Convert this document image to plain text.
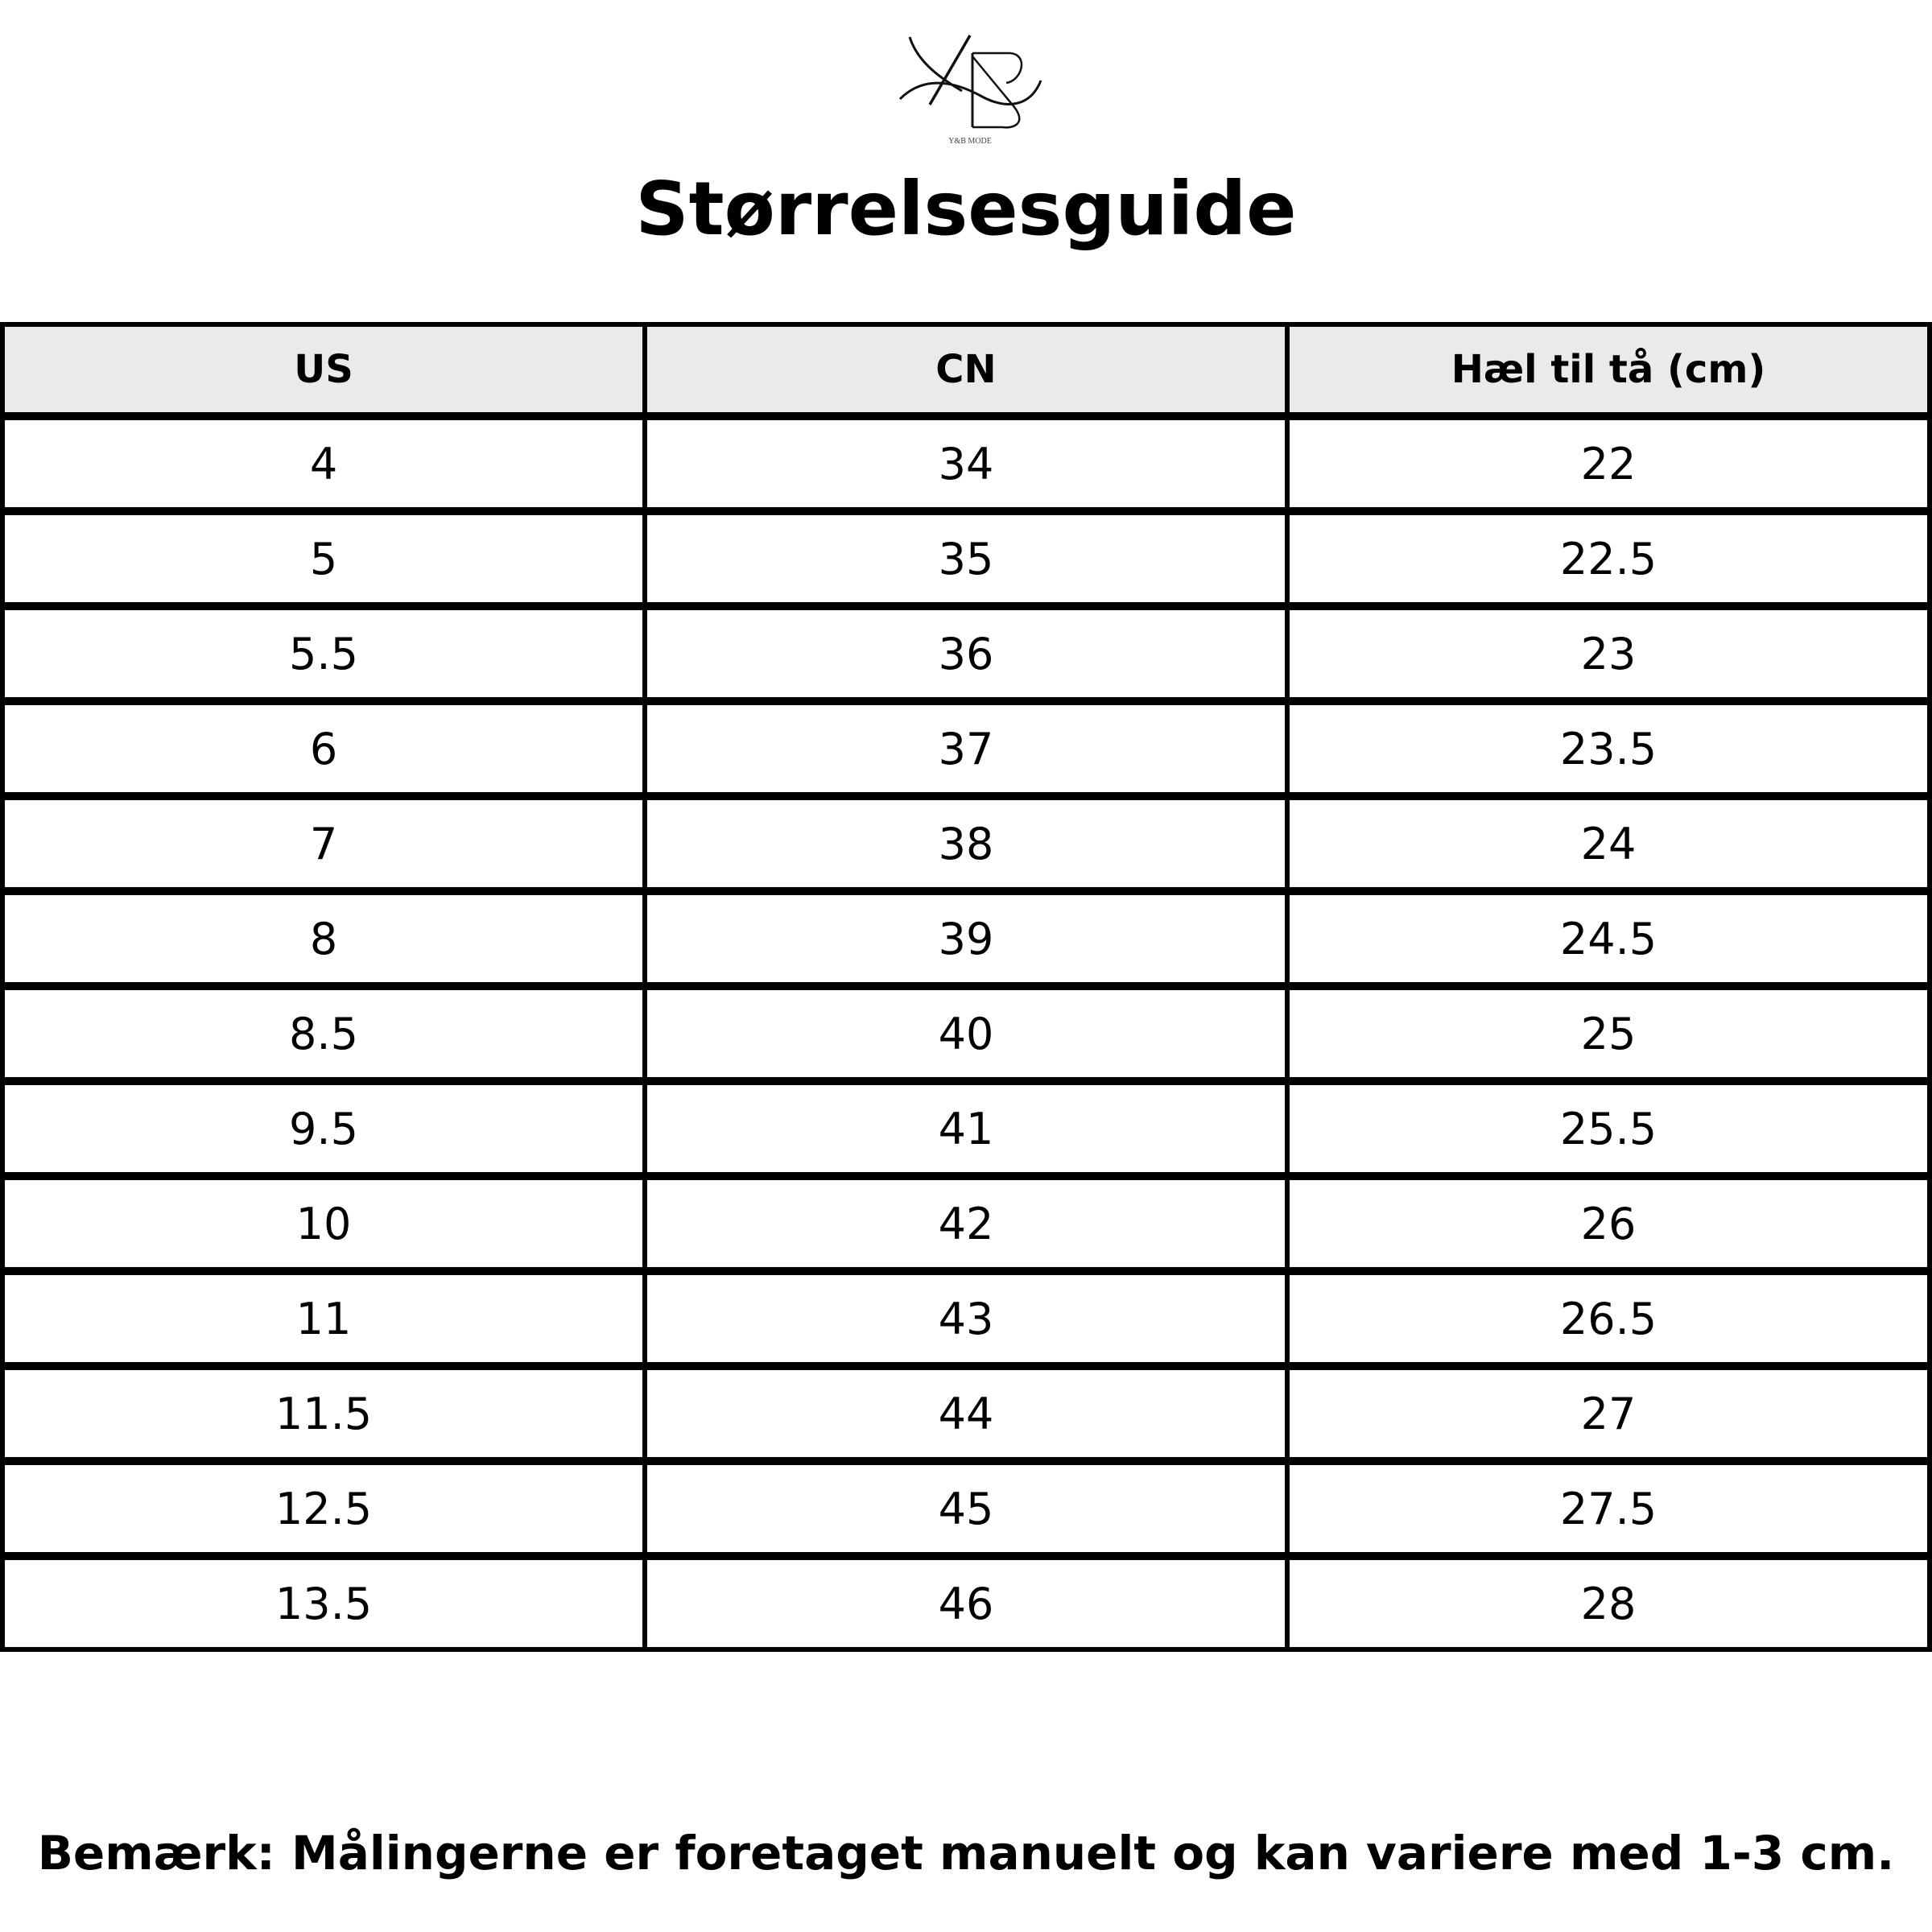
Y&B MODE
Størrelsesguide
US	CN	Hæl til tå (cm)
4	34	22
5	35	22.5
5.5	36	23
6	37	23.5
7	38	24
8	39	24.5
8.5	40	25
9.5	41	25.5
10	42	26
11	43	26.5
11.5	44	27
12.5	45	27.5
13.5	46	28
Bemærk: Målingerne er foretaget manuelt og kan variere med 1-3 cm.
